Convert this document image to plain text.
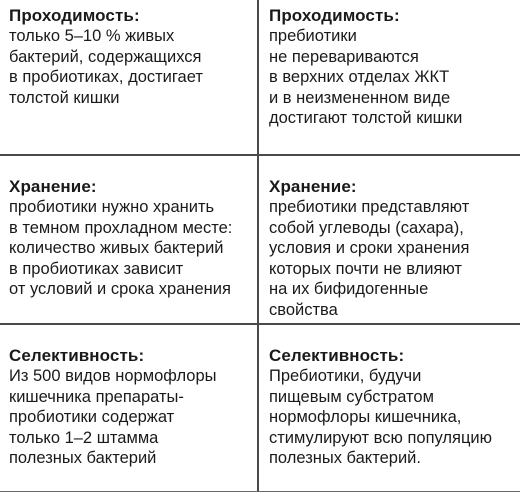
Проходимость:

только 5–10 % живых

бактерий, содержащихся

в пробиотиках, достигает

толстой кишки

Проходимость:

пребиотики

не перевариваются

в верхних отделах ЖКТ

и в неизмененном виде

достигают толстой кишки

Хранение:

пробиотики нужно хранить

в темном прохладном месте:

количество живых бактерий

в пробиотиках зависит

от условий и срока хранения

Хранение:

пребиотики представляют

собой углеводы (сахара),

условия и сроки хранения

которых почти не влияют

на их бифидогенные

свойства

Селективность:

Из 500 видов нормофлоры

кишечника препараты-

пробиотики содержат

только 1–2 штамма

полезных бактерий

Селективность:

Пребиотики, будучи

пищевым субстратом

нормофлоры кишечника,

стимулируют всю популяцию

полезных бактерий.
